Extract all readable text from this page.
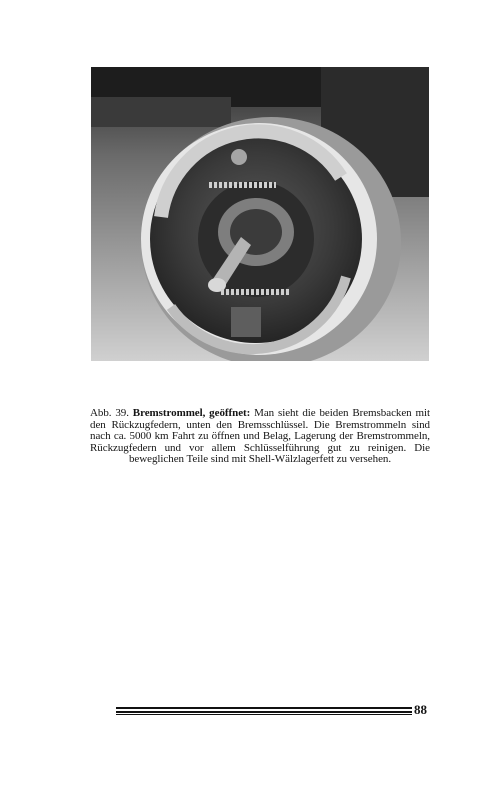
Abb. 39. Bremstrommel, geöffnet: Man sieht die beiden Bremsbacken mit den Rückzugfedern, unten den Bremsschlüssel. Die Bremstrommeln sind nach ca. 5000 km Fahrt zu öffnen und Belag, Lagerung der Bremstrommeln, Rückzugfedern und vor allem Schlüsselführung gut zu reinigen. Die beweglichen Teile sind mit Shell-Wälzlagerfett zu versehen.
88
